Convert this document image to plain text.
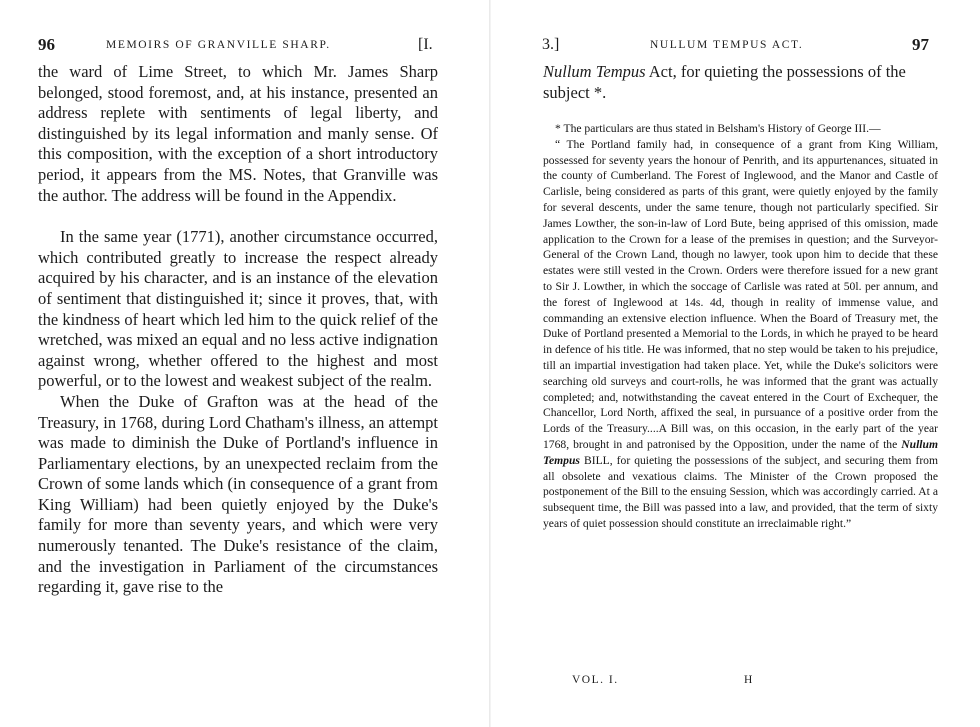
96	MEMOIRS OF GRANVILLE SHARP.	[I.

the ward of Lime Street, to which Mr. James Sharp belonged, stood foremost, and, at his instance, presented an address replete with sentiments of legal liberty, and distinguished by its legal information and manly sense. Of this composition, with the exception of a short introductory period, it appears from the MS. Notes, that Granville was the author. The address will be found in the Appendix.

In the same year (1771), another circumstance occurred, which contributed greatly to increase the respect already acquired by his character, and is an instance of the elevation of sentiment that distinguished it; since it proves, that, with the kindness of heart which led him to the quick relief of the wretched, was mixed an equal and no less active indignation against wrong, whether offered to the highest and most powerful, or to the lowest and weakest subject of the realm.

When the Duke of Grafton was at the head of the Treasury, in 1768, during Lord Chatham's illness, an attempt was made to diminish the Duke of Portland's influence in Parliamentary elections, by an unexpected reclaim from the Crown of some lands which (in consequence of a grant from King William) had been quietly enjoyed by the Duke's family for more than seventy years, and which were very numerously tenanted. The Duke's resistance of the claim, and the investigation in Parliament of the circumstances regarding it, gave rise to the

3.]	NULLUM TEMPUS ACT.	97
Nullum Tempus Act, for quieting the possessions of the subject *.

* The particulars are thus stated in Belsham's History of George III.—

“ The Portland family had, in consequence of a grant from King William, possessed for seventy years the honour of Penrith, and its appurtenances, situated in the county of Cumberland. The Forest of Inglewood, and the Manor and Castle of Carlisle, being considered as parts of this grant, were quietly enjoyed by the family for several descents, under the same tenure, though not particularly specified. Sir James Lowther, the son-in-law of Lord Bute, being apprised of this omission, made application to the Crown for a lease of the premises in question; and the Surveyor-General of the Crown Land, though no lawyer, took upon him to decide that these estates were still vested in the Crown. Orders were therefore issued for a new grant to Sir J. Lowther, in which the soccage of Carlisle was rated at 50l. per annum, and the forest of Inglewood at 14s. 4d, though in reality of immense value, and commanding an extensive election influence. When the Board of Treasury met, the Duke of Portland presented a Memorial to the Lords, in which he prayed to be heard in defence of his title. He was informed, that no step would be taken to his prejudice, till an impartial investigation had taken place. Yet, while the Duke's solicitors were searching old surveys and court-rolls, he was informed that the grant was actually completed; and, notwithstanding the caveat entered in the Court of Exchequer, the Chancellor, Lord North, affixed the seal, in pursuance of a positive order from the Lords of the Treasury....A Bill was, on this occasion, in the early part of the year 1768, brought in and patronised by the Opposition, under the name of the Nullum Tempus BILL, for quieting the possessions of the subject, and securing them from all obsolete and vexatious claims. The Minister of the Crown proposed the postponement of the Bill to the ensuing Session, which was accordingly carried. At a subsequent time, the Bill was passed into a law, and provided, that the term of sixty years of quiet possession should constitute an irreclaimable right.”

VOL. I.	H
